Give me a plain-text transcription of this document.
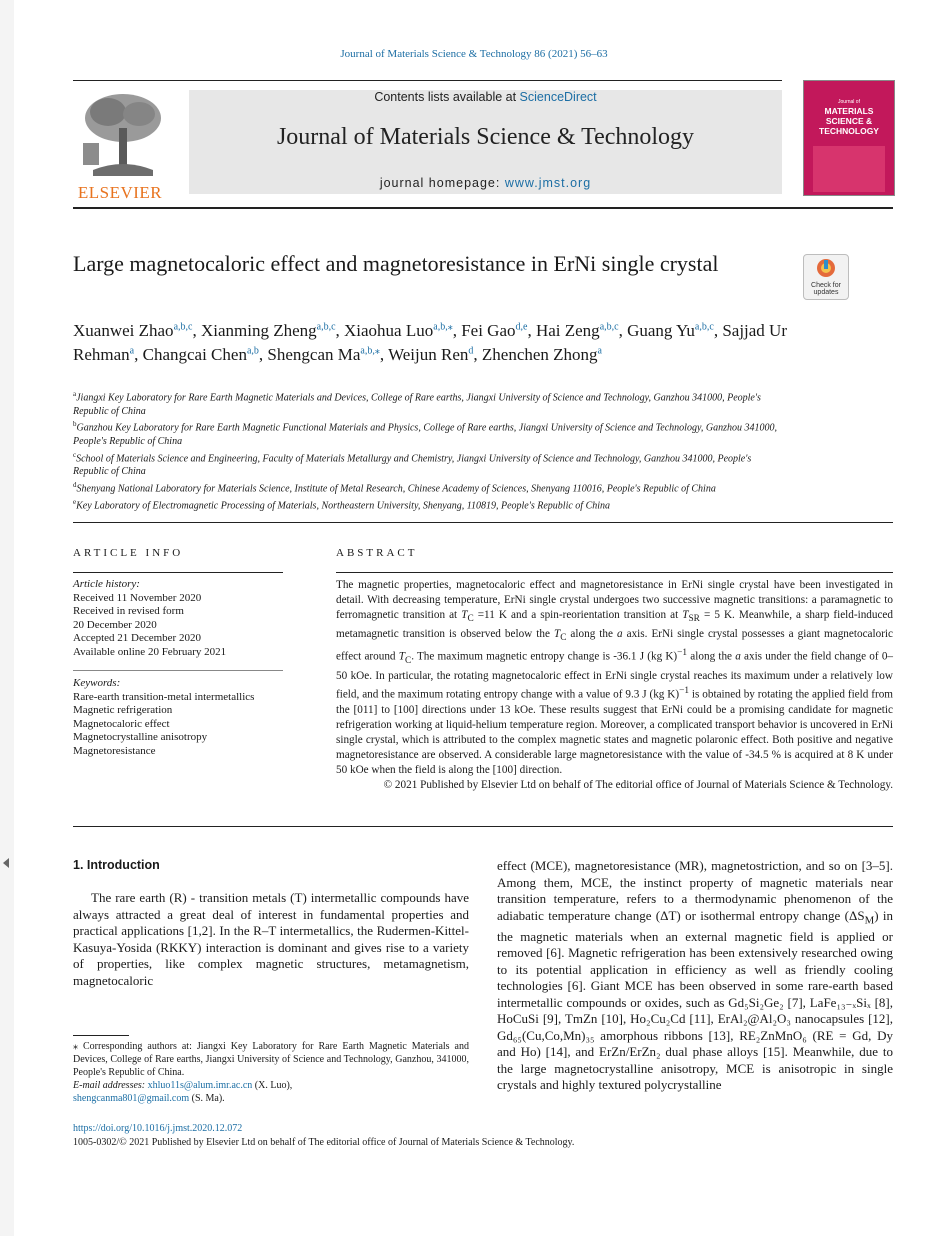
Journal of Materials Science & Technology 86 (2021) 56–63
ELSEVIER
Contents lists available at ScienceDirect
Journal of Materials Science & Technology
journal homepage: www.jmst.org
Journal of
MATERIALS
SCIENCE &
TECHNOLOGY
Large magnetocaloric effect and magnetoresistance in ErNi single crystal
Check for
updates
Xuanwei Zhao$^{a,b,c}$, Xianming Zheng$^{a,b,c}$, Xiaohua Luo$^{a,b,⁎}$, Fei Gao$^{d,e}$, Hai Zeng$^{a,b,c}$, Guang Yu$^{a,b,c}$, Sajjad Ur Rehman$^a$, Changcai Chen$^{a,b}$, Shengcan $Ma^{a,b,⁎}$, Weijun Ren$^d$, Zhenchen Zhong$^a$
$^a$Jiangxi Key Laboratory for Rare Earth Magnetic Materials and Devices, College of Rare earths, Jiangxi University of Science and Technology, Ganzhou 341000, People's Republic of China
$^b$Ganzhou Key Laboratory for Rare Earth Magnetic Functional Materials and Physics, College of Rare earths, Jiangxi University of Science and Technology, Ganzhou 341000, People's Republic of China
$^c$School of Materials Science and Engineering, Faculty of Materials Metallurgy and Chemistry, Jiangxi University of Science and Technology, Ganzhou 341000, People's Republic of China
$^d$Shenyang National Laboratory for Materials Science, Institute of Metal Research, Chinese Academy of Sciences, Shenyang 110016, People's Republic of China
$^e$Key Laboratory of Electromagnetic Processing of Materials, Northeastern University, Shenyang, 110819, People's Republic of China
ARTICLE INFO	ABSTRACT
Article history:
Received 11 November 2020
Received in revised form
20 December 2020
Accepted 21 December 2020
Available online 20 February 2021
Keywords:
Rare-earth transition-metal intermetallics
Magnetic refrigeration
Magnetocaloric effect
Magnetocrystalline anisotropy
Magnetoresistance
The magnetic properties, magnetocaloric effect and magnetoresistance in ErNi single crystal have been investigated in detail. With decreasing temperature, ErNi single crystal undergoes two successive magnetic transitions: a paramagnetic to ferromagnetic transition at $T_C =11$ K and a spin-reorientation transition at $T_{SR} = 5$ K. Meanwhile, a sharp field-induced metamagnetic transition is observed below the $T_C$ along the a axis. ErNi single crystal possesses a giant magnetocaloric effect around $T_C$. The maximum magnetic entropy change is -36.1 J (kg K)$^{-1}$ along the a axis under the field change of 0–50 kOe. In particular, the rotating magnetocaloric effect in ErNi single crystal reaches its maximum under a relatively low field, and the maximum rotating entropy change with a value of 9.3 J (kg K)$^{-1}$ is obtained by rotating the applied field from the [011] to [100] directions under 13 kOe. These results suggest that ErNi could be a promising candidate for magnetic refrigeration working at liquid-helium temperature region. Moreover, a complicated transport behavior is uncovered in ErNi single crystal, which is attributed to the complex magnetic states and magnetic polaronic effect. Both positive and negative magnetoresistance are observed. A considerable large magnetoresistance with the value of -34.5 % is acquired at 8 K under 50 kOe when the field is along the [100] direction.
© 2021 Published by Elsevier Ltd on behalf of The editorial office of Journal of Materials Science & Technology.
1. Introduction
The rare earth (R) - transition metals (T) intermetallic compounds have always attracted a great deal of interest in fundamental properties and practical applications [1,2]. In the R–T intermetallics, the Rudermen-Kittel-Kasuya-Yosida (RKKY) interaction is dominant and gives rise to a variety of properties, like complex magnetic structures, metamagnetism, magnetocaloric
effect (MCE), magnetoresistance (MR), magnetostriction, and so on [3–5]. Among them, MCE, the instinct property of magnetic materials near transition temperature, refers to a thermodynamic phenomenon of the adiabatic temperature change (ΔT) or isothermal entropy change $(\Delta S_M)$ in the magnetic materials when an external magnetic field is applied or removed [6]. Magnetic refrigeration has been extensively researched owing to its potential application in efficiency as well as friendly cooling technologies [6]. Giant MCE has been observed in some rare-earth based intermetallic compounds or oxides, such as Gd₅Si₂Ge₂ [7], LaFe₁₃₋ₓSiₓ [8], HoCuSi [9], TmZn [10], Ho₂Cu₂Cd [11], ErAl₂@Al₂O₃ nanocapsules [12], Gd₆₅(Cu,Co,Mn)₃₅ amorphous ribbons [13], RE₂ZnMnO₆ (RE = Gd, Dy and Ho) [14], and ErZn/ErZn₂ dual phase alloys [15]. Meanwhile, due to the large magnetocrystalline anisotropy, MCE is anisotropic in single crystals and highly textured polycrystalline
⁎ Corresponding authors at: Jiangxi Key Laboratory for Rare Earth Magnetic Materials and Devices, College of Rare earths, Jiangxi University of Science and Technology, Ganzhou, 341000, People's Republic of China.
E-mail addresses: xhluo11s@alum.imr.ac.cn (X. Luo),
shengcanma801@gmail.com (S. Ma).
https://doi.org/10.1016/j.jmst.2020.12.072
1005-0302/© 2021 Published by Elsevier Ltd on behalf of The editorial office of Journal of Materials Science & Technology.
